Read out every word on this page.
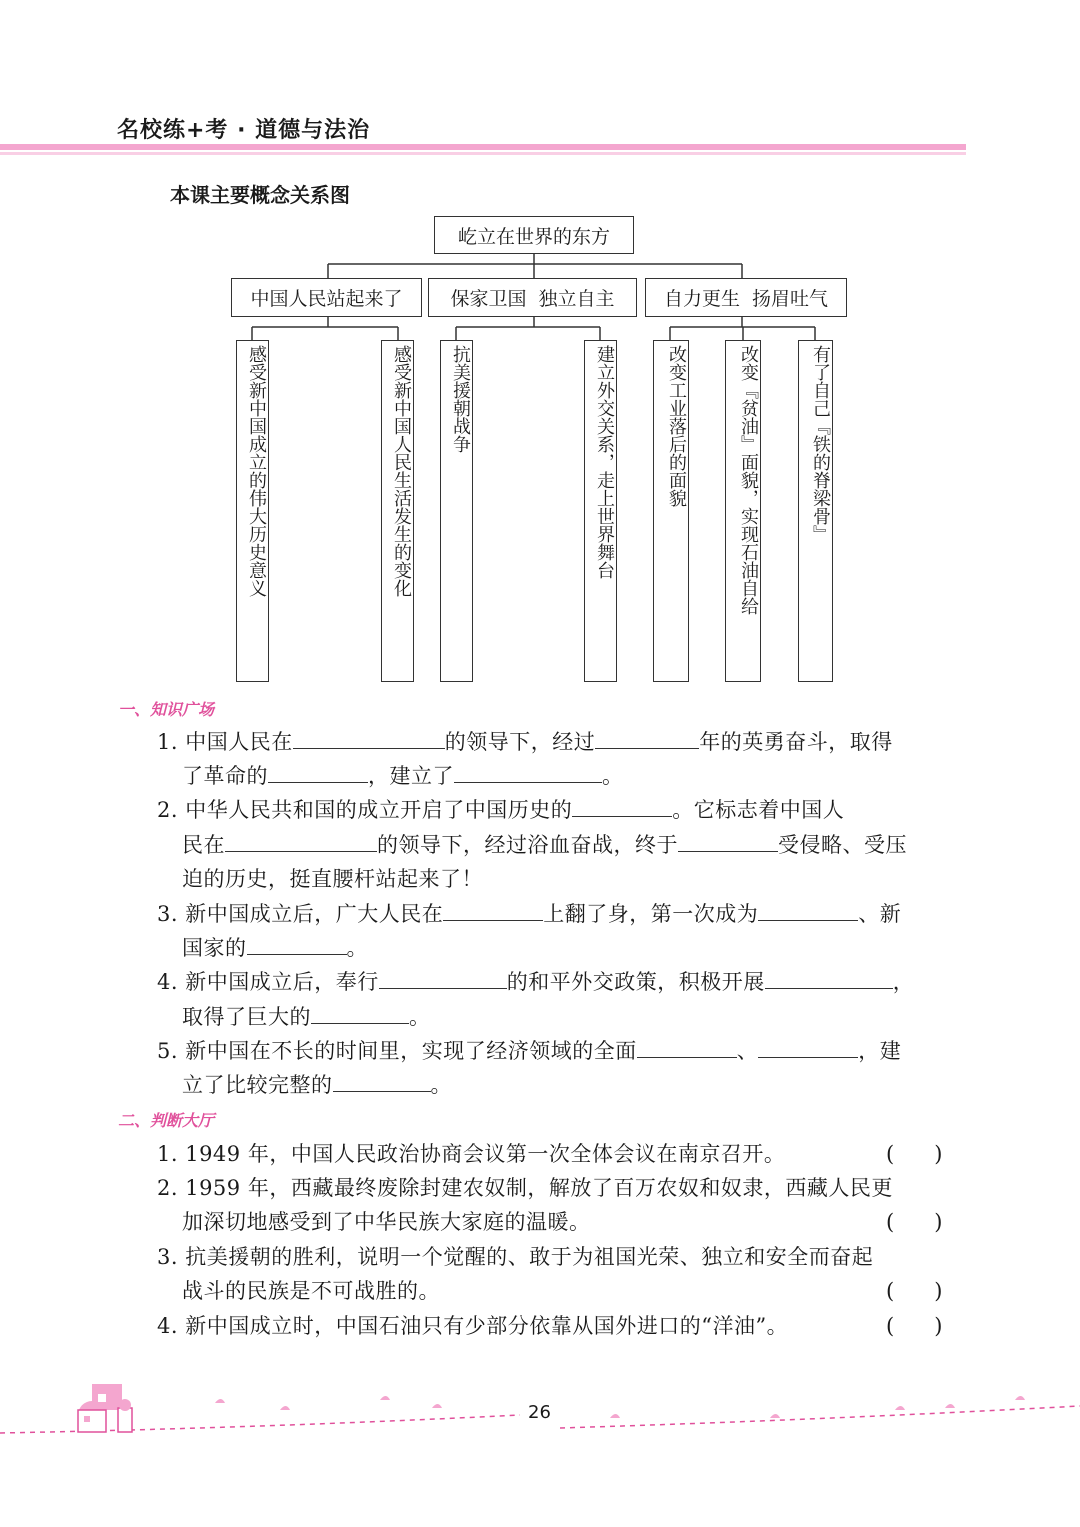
名校练+考 · 道德与法治
本课主要概念关系图
屹立在世界的东方
中国人民站起来了	保家卫国  独立自主	自力更生  扬眉吐气
感受新中国成立的伟大历史意义	感受新中国人民生活发生的变化	抗美援朝战争	建立外交关系，走上世界舞台	改变工业落后的面貌	改变『贫油』面貌，实现石油自给	有了自己『铁的脊梁骨』
一、知识广场
1. 中国人民在	的领导下，经过	年的英勇奋斗，取得
了革命的	，建立了	。
2. 中华人民共和国的成立开启了中国历史的	。它标志着中国人
民在	的领导下，经过浴血奋战，终于	受侵略、受压
迫的历史，挺直腰杆站起来了！
3. 新中国成立后，广大人民在	上翻了身，第一次成为	、新
国家的	。
4. 新中国成立后，奉行	的和平外交政策，积极开展	，
取得了巨大的	。
5. 新中国在不长的时间里，实现了经济领域的全面	、	，建
立了比较完整的	。
二、判断大厅
1. 1949 年，中国人民政治协商会议第一次全体会议在南京召开。	(      )
2. 1959 年，西藏最终废除封建农奴制，解放了百万农奴和奴隶，西藏人民更
加深切地感受到了中华民族大家庭的温暖。	(      )
3. 抗美援朝的胜利，说明一个觉醒的、敢于为祖国光荣、独立和安全而奋起
战斗的民族是不可战胜的。	(      )
4. 新中国成立时，中国石油只有少部分依靠从国外进口的“洋油”。	(      )
26
